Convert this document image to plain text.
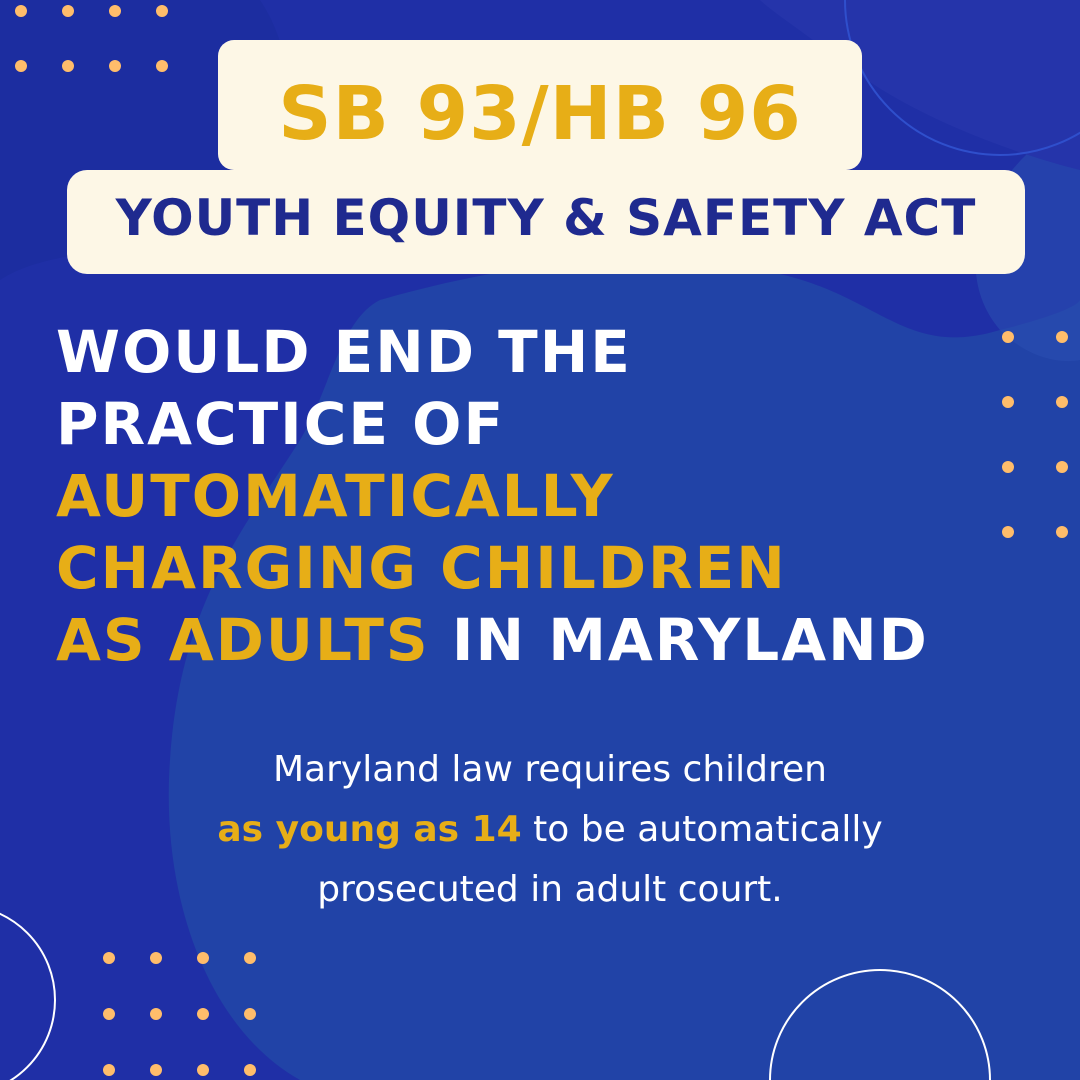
SB 93/HB 96
YOUTH EQUITY & SAFETY ACT
WOULD END THE
PRACTICE OF
AUTOMATICALLY
CHARGING CHILDREN
AS ADULTS IN MARYLAND
Maryland law requires children
as young as 14 to be automatically
prosecuted in adult court.
